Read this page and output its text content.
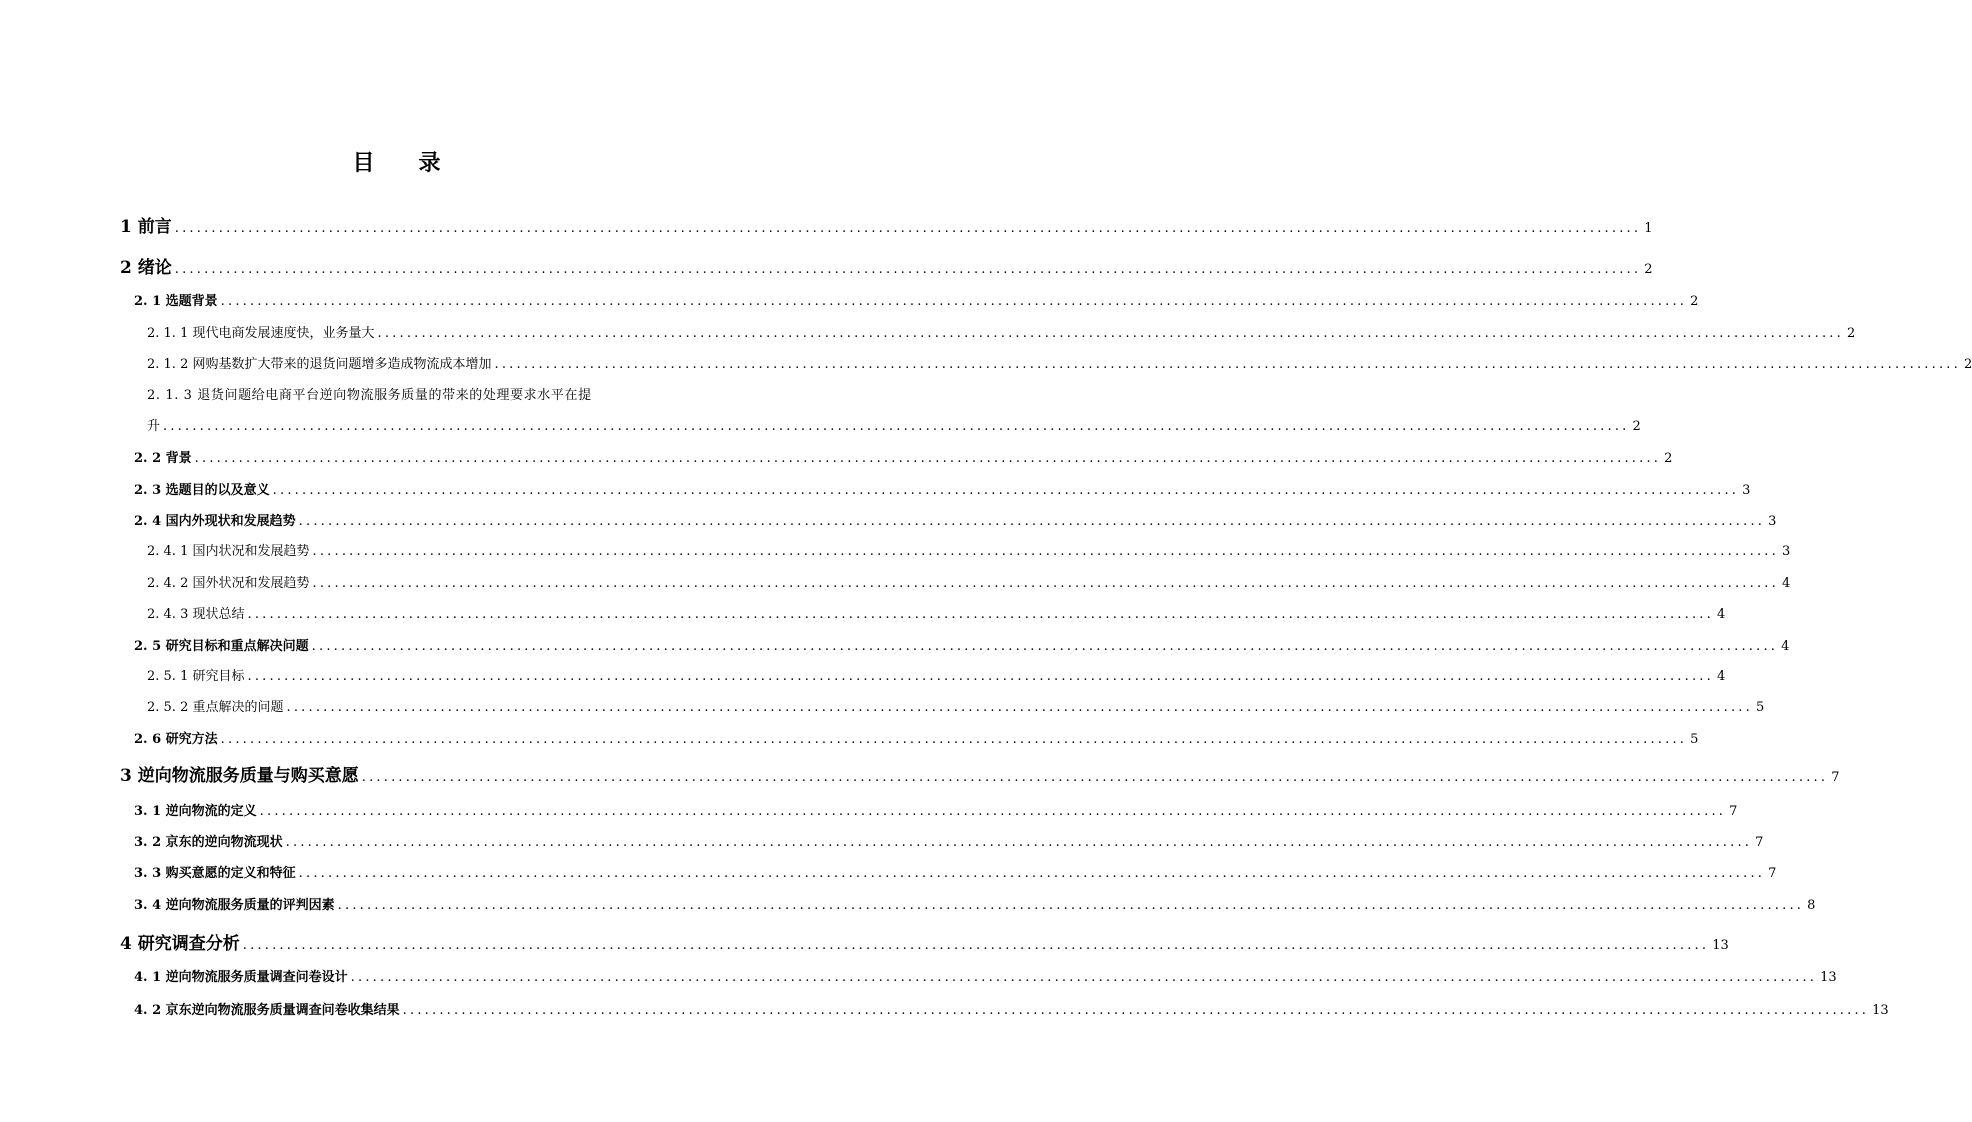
目 录
1 前言 ........................................................................................................................................................................................................ 1
2 绪论 ........................................................................................................................................................................................................ 2
2. 1 选题背景 ........................................................................................................................................................................................................ 2
2. 1. 1 现代电商发展速度快，业务量大 ........................................................................................................................................................................................................ 2
2. 1. 2 网购基数扩大带来的退货问题增多造成物流成本增加 ........................................................................................................................................................................................................ 2
2. 1. 3 退货问题给电商平台逆向物流服务质量的带来的处理要求水平在提
升 ........................................................................................................................................................................................................ 2
2. 2 背景 ........................................................................................................................................................................................................ 2
2. 3 选题目的以及意义 ........................................................................................................................................................................................................ 3
2. 4 国内外现状和发展趋势 ........................................................................................................................................................................................................ 3
2. 4. 1 国内状况和发展趋势 ........................................................................................................................................................................................................ 3
2. 4. 2 国外状况和发展趋势 ........................................................................................................................................................................................................ 4
2. 4. 3 现状总结 ........................................................................................................................................................................................................ 4
2. 5 研究目标和重点解决问题 ........................................................................................................................................................................................................ 4
2. 5. 1 研究目标 ........................................................................................................................................................................................................ 4
2. 5. 2 重点解决的问题 ........................................................................................................................................................................................................ 5
2. 6 研究方法 ........................................................................................................................................................................................................ 5
3 逆向物流服务质量与购买意愿 ........................................................................................................................................................................................................ 7
3. 1 逆向物流的定义 ........................................................................................................................................................................................................ 7
3. 2 京东的逆向物流现状 ........................................................................................................................................................................................................ 7
3. 3 购买意愿的定义和特征 ........................................................................................................................................................................................................ 7
3. 4 逆向物流服务质量的评判因素 ........................................................................................................................................................................................................ 8
4 研究调查分析 ........................................................................................................................................................................................................ 13
4. 1 逆向物流服务质量调查问卷设计 ........................................................................................................................................................................................................ 13
4. 2 京东逆向物流服务质量调查问卷收集结果 ........................................................................................................................................................................................................ 13
